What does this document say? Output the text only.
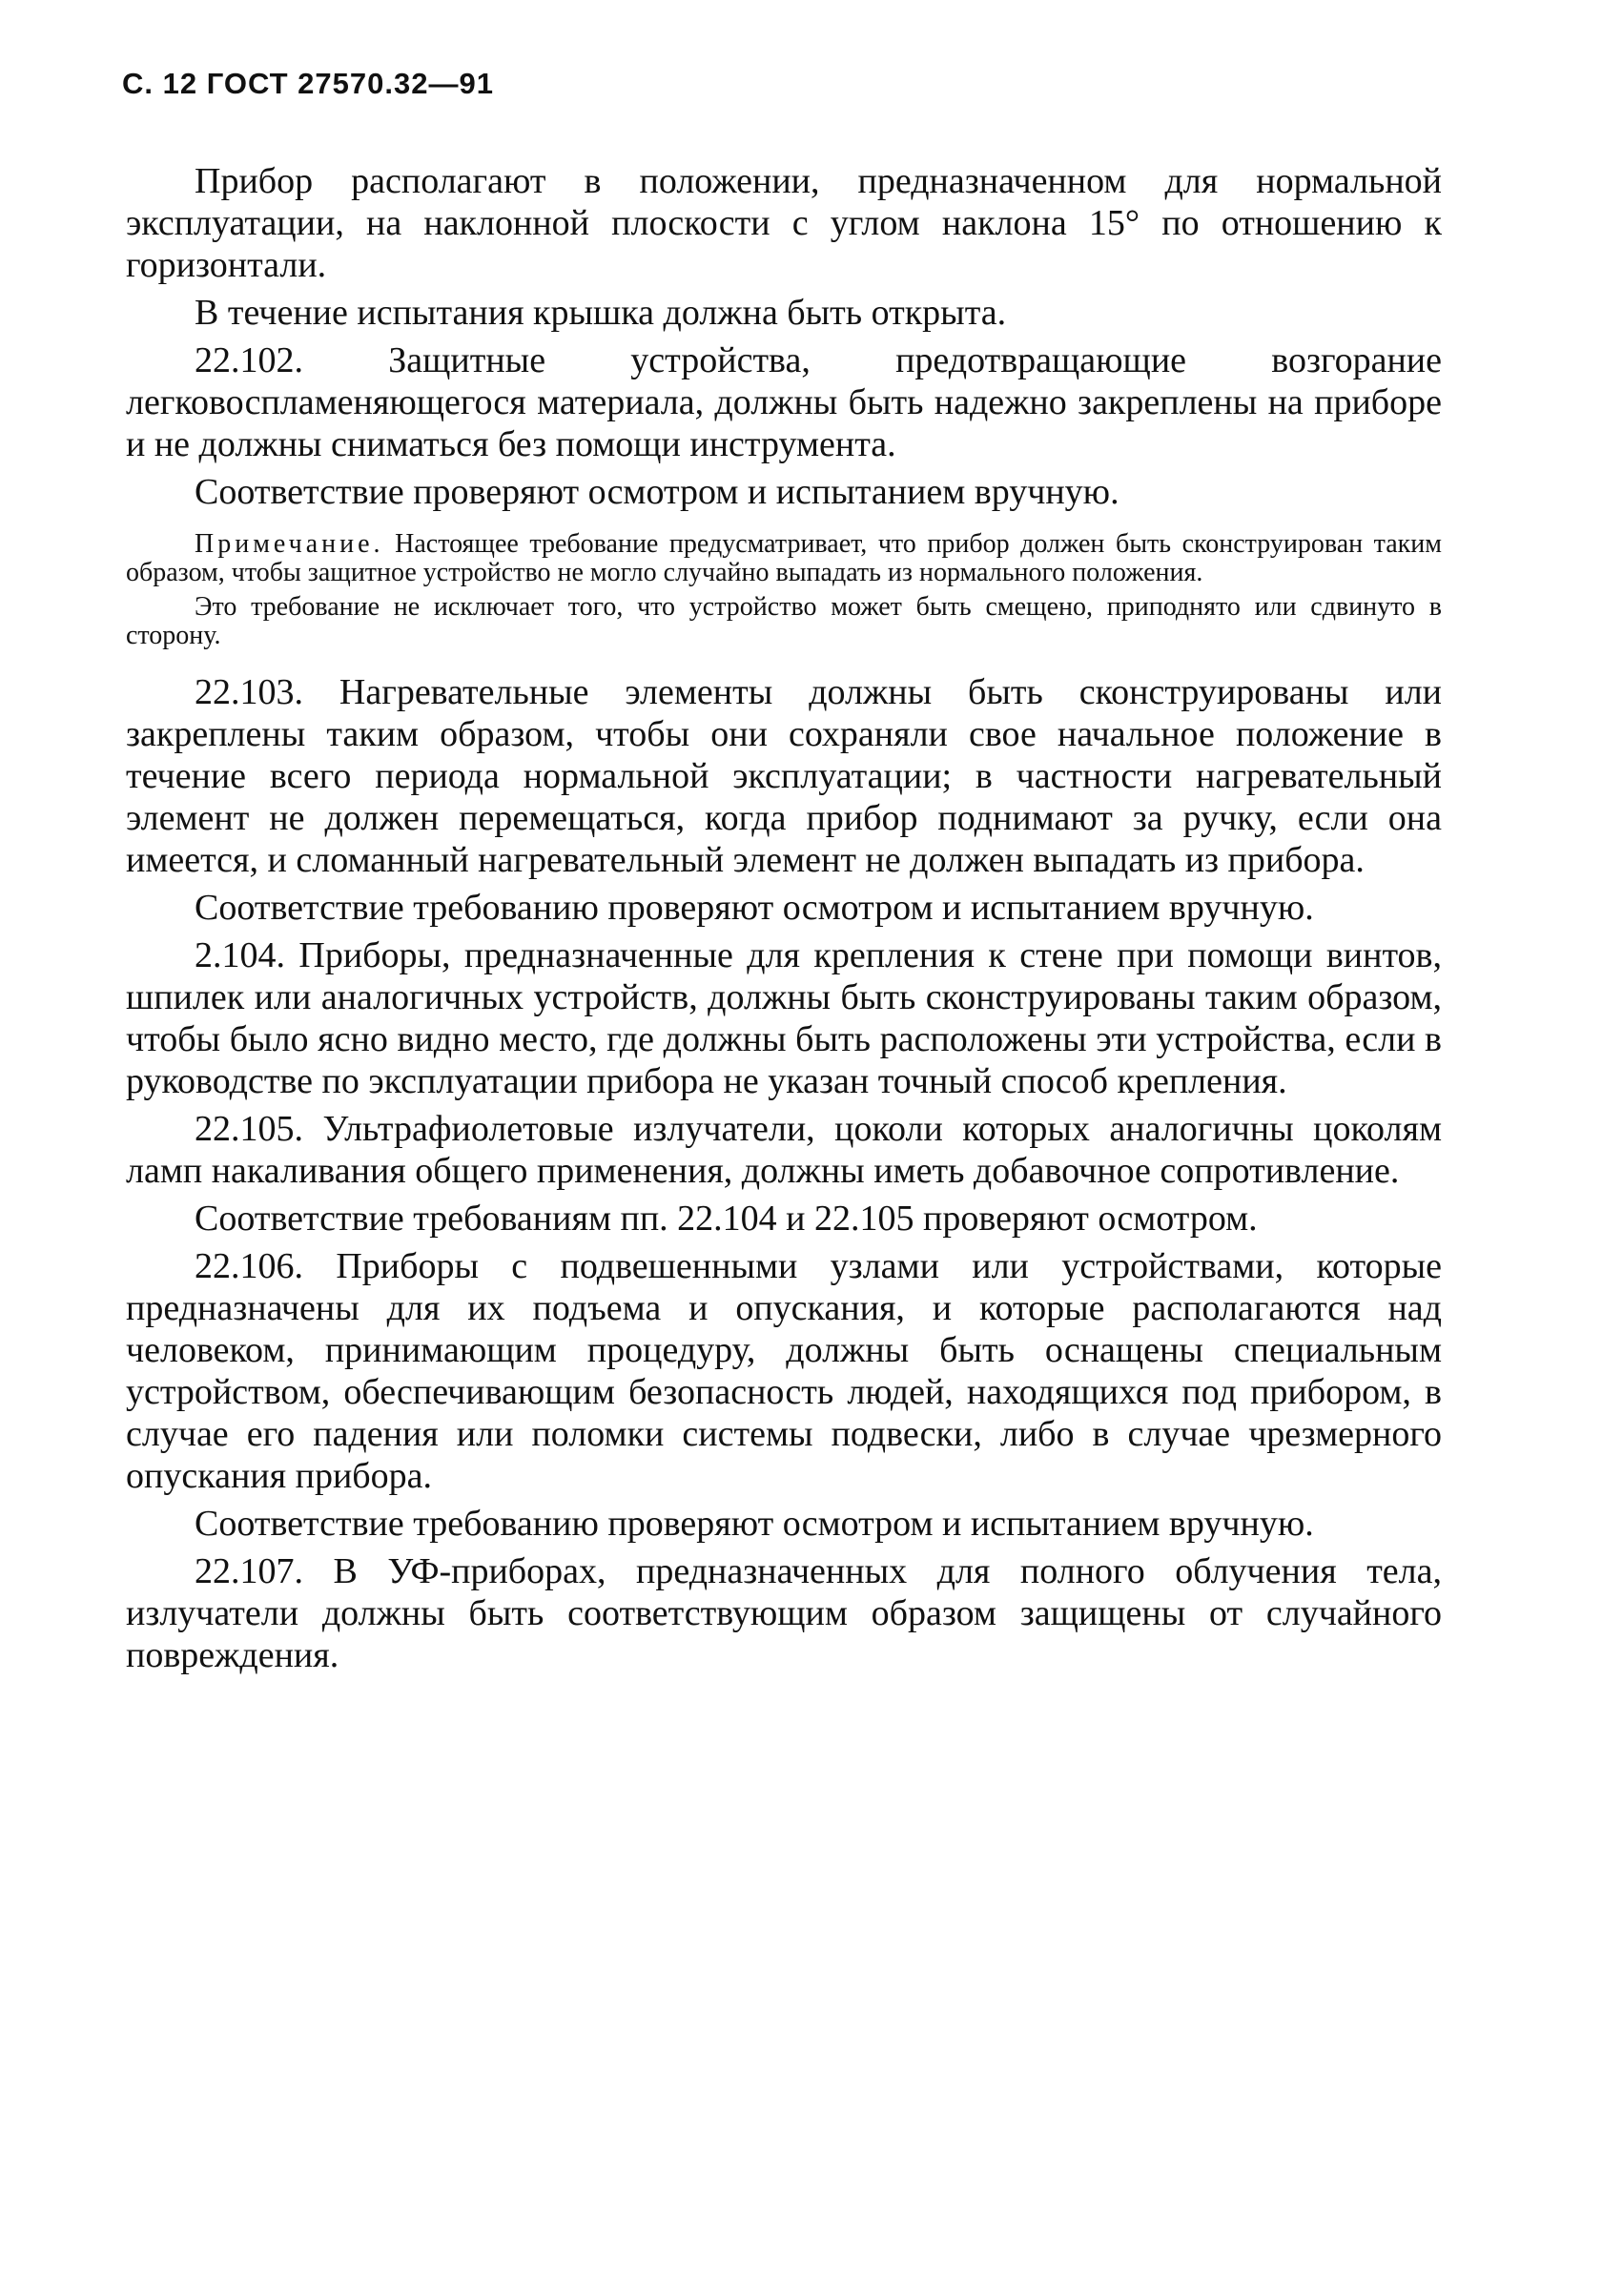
С. 12 ГОСТ 27570.32—91

Прибор располагают в положении, предназначенном для нормальной эксплуатации, на наклонной плоскости с углом наклона 15° по отношению к горизонтали.

В течение испытания крышка должна быть открыта.

22.102. Защитные устройства, предотвращающие возгорание легковоспламеняющегося материала, должны быть надежно закреплены на приборе и не должны сниматься без помощи инструмента.

Соответствие проверяют осмотром и испытанием вручную.

Примечание. Настоящее требование предусматривает, что прибор должен быть сконструирован таким образом, чтобы защитное устройство не могло случайно выпадать из нормального положения.

Это требование не исключает того, что устройство может быть смещено, приподнято или сдвинуто в сторону.

22.103. Нагревательные элементы должны быть сконструированы или закреплены таким образом, чтобы они сохраняли свое начальное положение в течение всего периода нормальной эксплуатации; в частности нагревательный элемент не должен перемещаться, когда прибор поднимают за ручку, если она имеется, и сломанный нагревательный элемент не должен выпадать из прибора.

Соответствие требованию проверяют осмотром и испытанием вручную.

2.104. Приборы, предназначенные для крепления к стене при помощи винтов, шпилек или аналогичных устройств, должны быть сконструированы таким образом, чтобы было ясно видно место, где должны быть расположены эти устройства, если в руководстве по эксплуатации прибора не указан точный способ крепления.

22.105. Ультрафиолетовые излучатели, цоколи которых аналогичны цоколям ламп накаливания общего применения, должны иметь добавочное сопротивление.

Соответствие требованиям пп. 22.104 и 22.105 проверяют осмотром.

22.106. Приборы с подвешенными узлами или устройствами, которые предназначены для их подъема и опускания, и которые располагаются над человеком, принимающим процедуру, должны быть оснащены специальным устройством, обеспечивающим безопасность людей, находящихся под прибором, в случае его падения или поломки системы подвески, либо в случае чрезмерного опускания прибора.

Соответствие требованию проверяют осмотром и испытанием вручную.

22.107. В УФ-приборах, предназначенных для полного облучения тела, излучатели должны быть соответствующим образом защищены от случайного повреждения.
